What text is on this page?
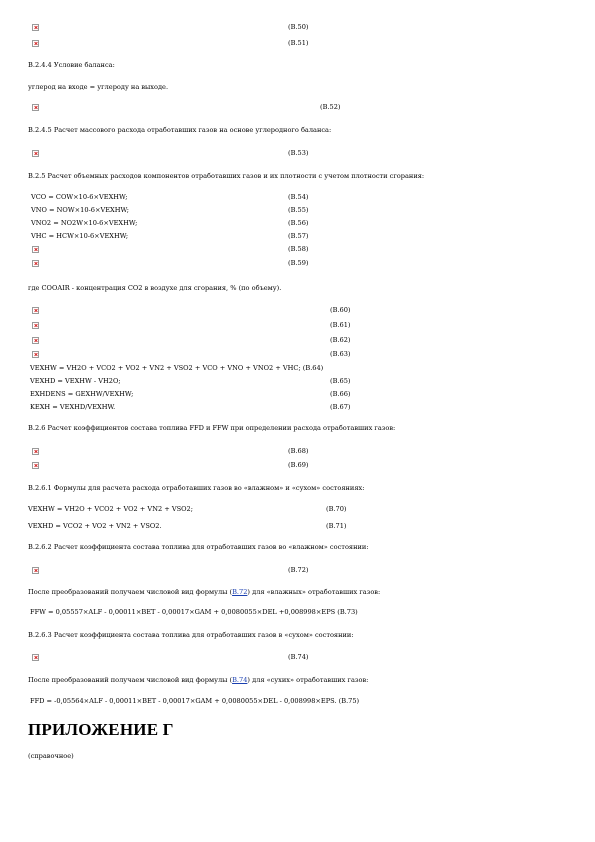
(В.50)
(В.51)
В.2.4.4 Условие баланса:
углерод на входе = углероду на выходе.
(В.52)
В.2.4.5 Расчет массового расхода отработавших газов на основе углеродного баланса:
(В.53)
В.2.5 Расчет объемных расходов компонентов отработавших газов и их плотности с учетом плотности сгорания:
VCO = COW×10-6×VEXHW;	(В.54)
VNO = NOW×10-6×VEXHW;	(В.55)
VNO2 = NO2W×10-6×VEXHW;	(В.56)
VHC = HCW×10-6×VEXHW;	(В.57)
(В.58)
(В.59)
где COOAIR - концентрация CO2 в воздухе для сгорания, % (по объему).
(В.60)
(В.61)
(В.62)
(В.63)
VEXHW = VH2O + VCO2 + VO2 + VN2 + VSO2 + VCO + VNO + VNO2 + VHC; (В.64)
VEXHD = VEXHW - VH2O;	(В.65)
EXHDENS = GEXHW/VEXHW;	(В.66)
KEXH = VEXHD/VEXHW.	(В.67)
В.2.6 Расчет коэффициентов состава топлива FFD и FFW при определении расхода отработавших газов:
(В.68)
(В.69)
В.2.6.1 Формулы для расчета расхода отработавших газов во «влажном» и «сухом» состояниях:
VEXHW = VH2O + VCO2 + VO2 + VN2 + VSO2;	(В.70)
VEXHD = VCO2 + VO2 + VN2 + VSO2.	(В.71)
В.2.6.2 Расчет коэффициента состава топлива для отработавших газов во «влажном» состоянии:
(В.72)
После преобразований получаем числовой вид формулы (В.72) для «влажных» отработавших газов:
FFW = 0,05557×ALF - 0,00011×BET - 0,00017×GAM + 0,0080055×DEL +0,008998×EPS (В.73)
В.2.6.3 Расчет коэффициента состава топлива для отработавших газов в «сухом» состоянии:
(В.74)
После преобразований получаем числовой вид формулы (В.74) для «сухих» отработавших газов:
FFD = -0,05564×ALF - 0,00011×BET - 0,00017×GAM + 0,0080055×DEL - 0,008998×EPS. (В.75)
ПРИЛОЖЕНИЕ Г
(справочное)
